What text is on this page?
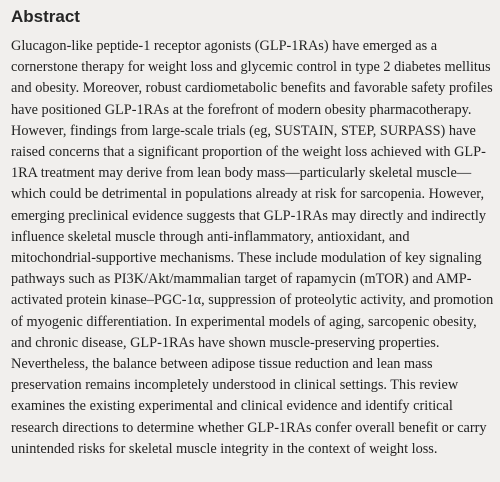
Abstract

Glucagon-like peptide-1 receptor agonists (GLP-1RAs) have emerged as a cornerstone therapy for weight loss and glycemic control in type 2 diabetes mellitus and obesity. Moreover, robust cardiometabolic benefits and favorable safety profiles have positioned GLP-1RAs at the forefront of modern obesity pharmacotherapy. However, findings from large-scale trials (eg, SUSTAIN, STEP, SURPASS) have raised concerns that a significant proportion of the weight loss achieved with GLP-1RA treatment may derive from lean body mass—particularly skeletal muscle—which could be detrimental in populations already at risk for sarcopenia. However, emerging preclinical evidence suggests that GLP-1RAs may directly and indirectly influence skeletal muscle through anti-inflammatory, antioxidant, and mitochondrial-supportive mechanisms. These include modulation of key signaling pathways such as PI3K/Akt/mammalian target of rapamycin (mTOR) and AMP-activated protein kinase–PGC-1α, suppression of proteolytic activity, and promotion of myogenic differentiation. In experimental models of aging, sarcopenic obesity, and chronic disease, GLP-1RAs have shown muscle-preserving properties. Nevertheless, the balance between adipose tissue reduction and lean mass preservation remains incompletely understood in clinical settings. This review examines the existing experimental and clinical evidence and identify critical research directions to determine whether GLP-1RAs confer overall benefit or carry unintended risks for skeletal muscle integrity in the context of weight loss.
